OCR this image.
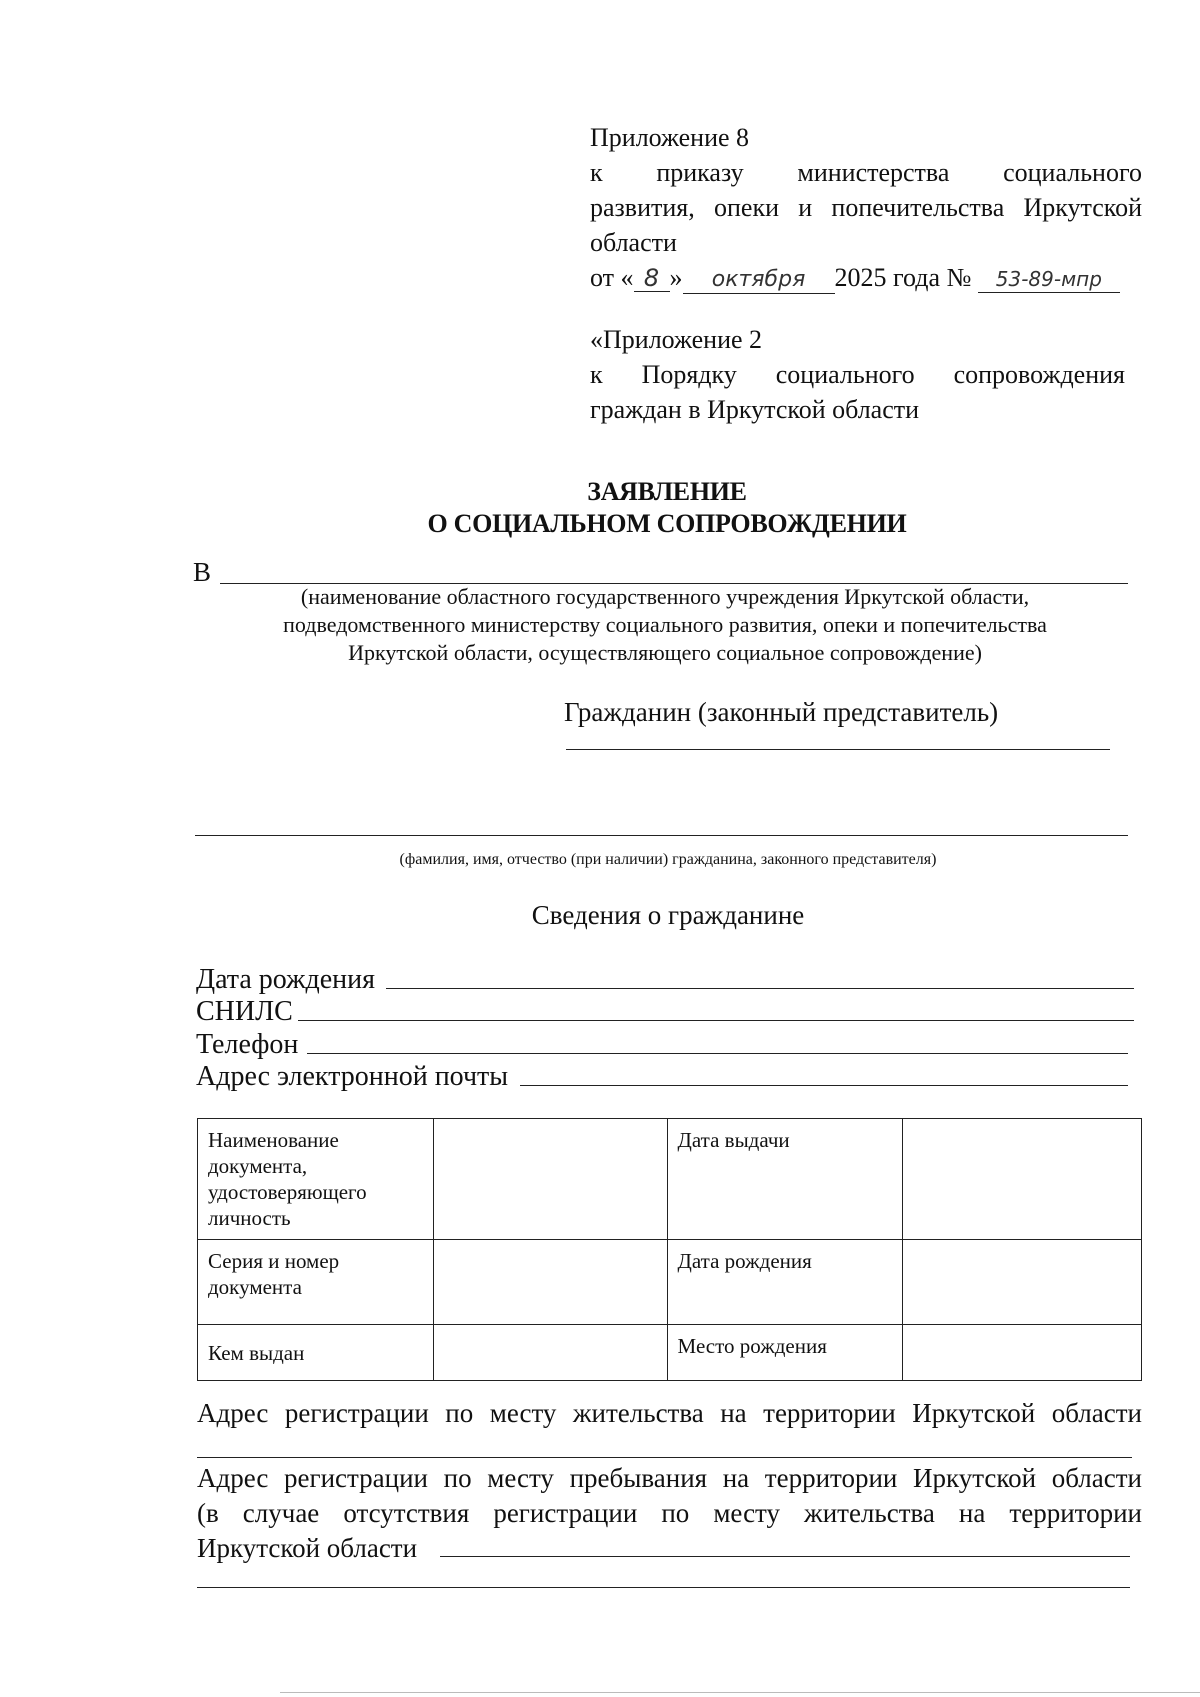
Приложение 8
к приказу министерства социального
развития, опеки и попечительства Иркутской
области
от « 8 » октября 2025 года № 53-89-мпр
«Приложение 2
к Порядку социального сопровождения
граждан в Иркутской области
ЗАЯВЛЕНИЕ
О СОЦИАЛЬНОМ СОПРОВОЖДЕНИИ
В
(наименование областного государственного учреждения Иркутской области,
подведомственного министерству социального развития, опеки и попечительства
Иркутской области, осуществляющего социальное сопровождение)
Гражданин (законный представитель)
(фамилия, имя, отчество (при наличии) гражданина, законного представителя)
Сведения о гражданине
Дата рождения
СНИЛС
Телефон
Адрес электронной почты
Наименование документа, удостоверяющего личность		Дата выдачи	
Серия и номер документа		Дата рождения	
Кем выдан		Место рождения	
Адрес регистрации по месту жительства на территории Иркутской области
Адрес регистрации по месту пребывания на территории Иркутской области
(в случае отсутствия регистрации по месту жительства на территории
Иркутской области
